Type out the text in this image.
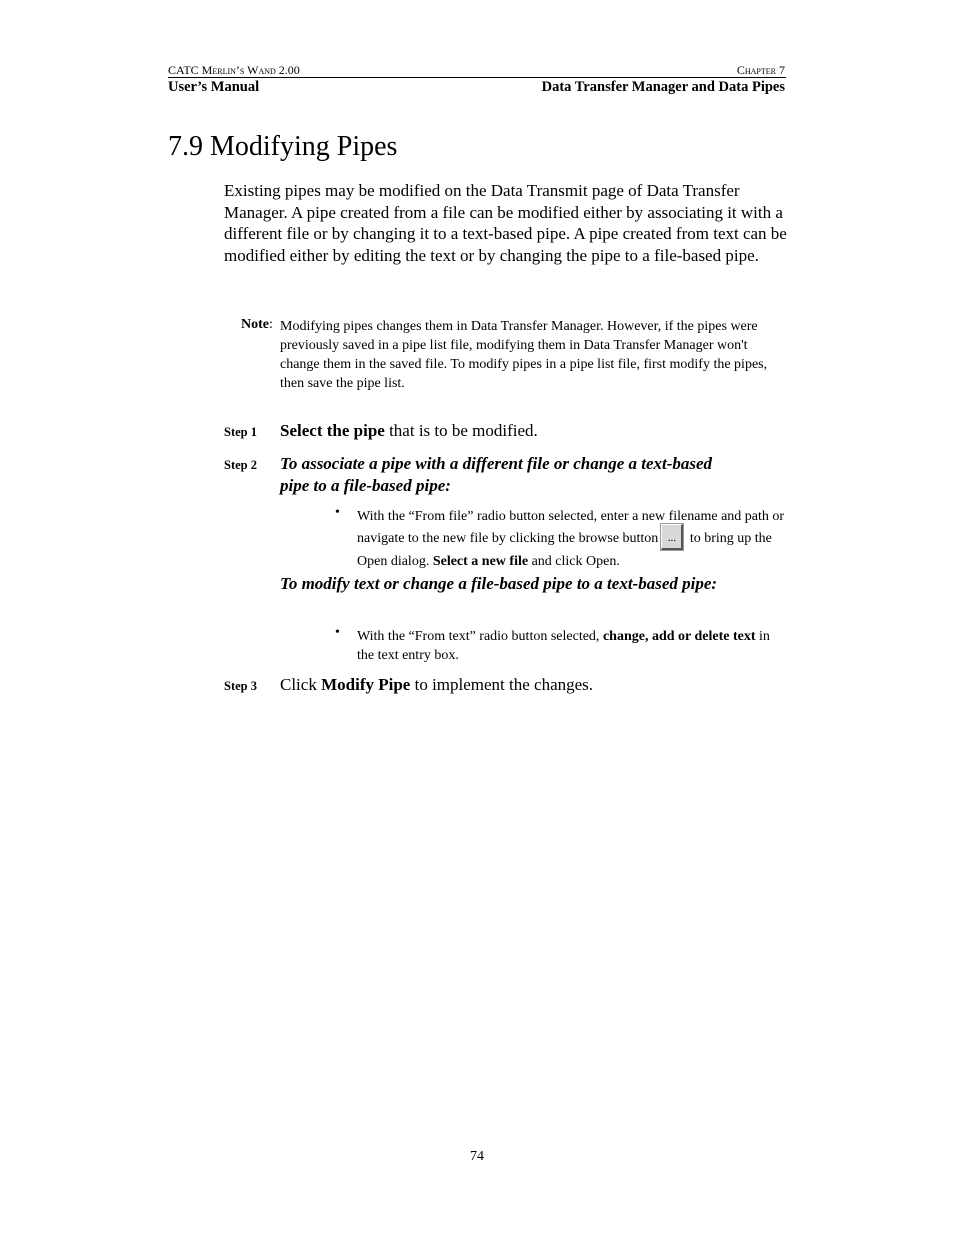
CATC Merlin’s Wand 2.00	Chapter 7
User’s Manual	Data Transfer Manager and Data Pipes
7.9 Modifying Pipes

Existing pipes may be modified on the Data Transmit page of Data Transfer Manager. A pipe created from a file can be modified either by associating it with a different file or by changing it to a text-based pipe. A pipe created from text can be modified either by editing the text or by changing the pipe to a file-based pipe.

Note: Modifying pipes changes them in Data Transfer Manager. However, if the pipes were previously saved in a pipe list file, modifying them in Data Transfer Manager won't change them in the saved file. To modify pipes in a pipe list file, first modify the pipes, then save the pipe list.

Step 1 Select the pipe that is to be modified.
Step 2 To associate a pipe with a different file or change a text-based pipe to a file-based pipe:
• With the “From file” radio button selected, enter a new filename and path or navigate to the new file by clicking the browse button ... to bring up the Open dialog. Select a new file and click Open.
To modify text or change a file-based pipe to a text-based pipe:
• With the “From text” radio button selected, change, add or delete text in the text entry box.
Step 3 Click Modify Pipe to implement the changes.
74
